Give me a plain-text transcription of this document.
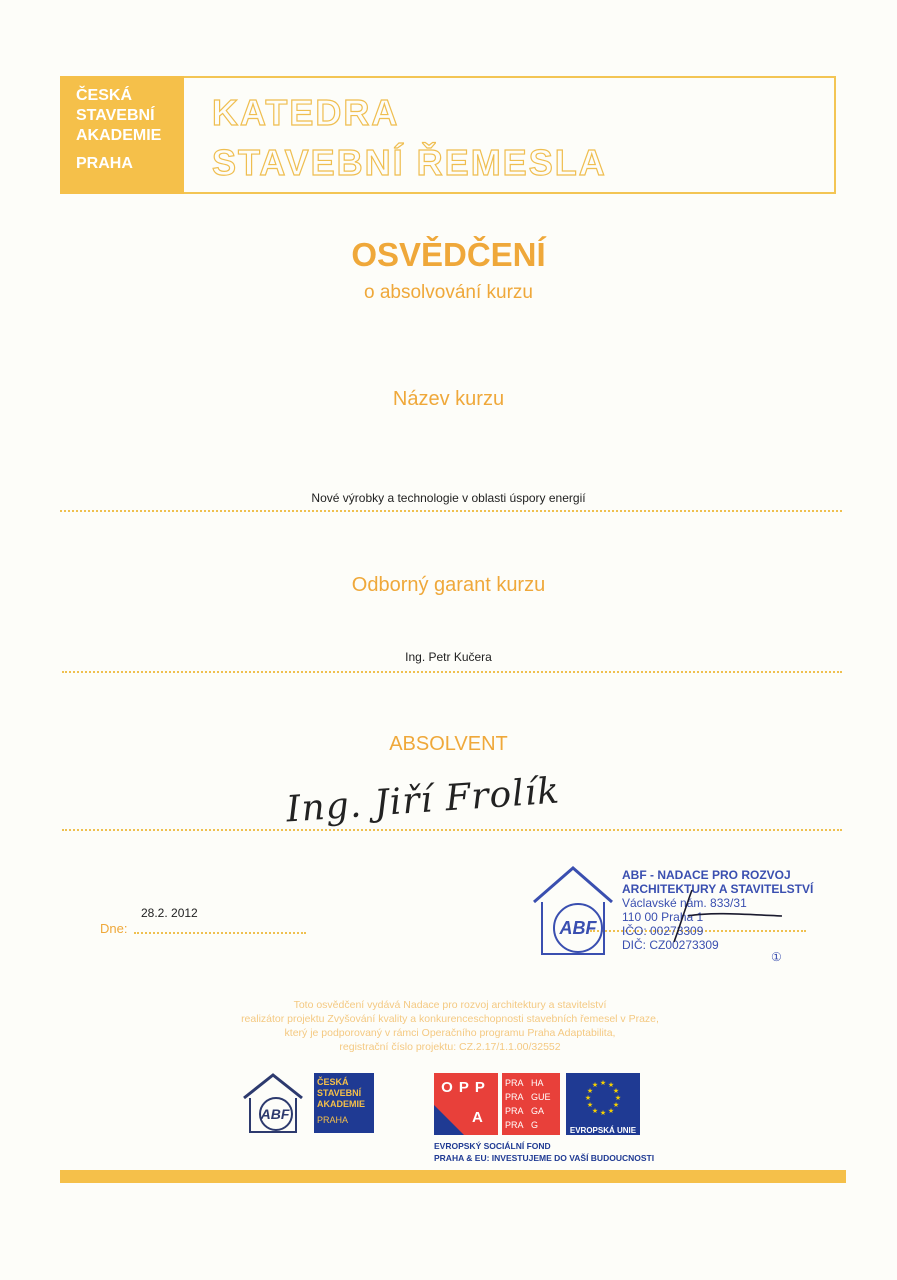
ČESKÁ
STAVEBNÍ
AKADEMIE
PRAHA
KATEDRA
STAVEBNÍ ŘEMESLA
OSVĚDČENÍ
o absolvování kurzu
Název kurzu
Nové výrobky a technologie v oblasti úspory energií
Odborný garant kurzu
Ing. Petr Kučera
ABSOLVENT
Ing. Jiří Frolík
28.2. 2012
Dne:	ABF
ABF - NADACE PRO ROZVOJ
ARCHITEKTURY A STAVITELSTVÍ
Václavské nám. 833/31
110 00 Praha 1
IČO: 00273309
DIČ: CZ00273309
①
Toto osvědčení vydává Nadace pro rozvoj architektury a stavitelství
realizátor projektu Zvyšování kvality a konkurenceschopnosti stavebních řemesel v Praze,
který je podporovaný v rámci Operačního programu Praha Adaptabilita,
registrační číslo projektu: CZ.2.17/1.1.00/32552
ABF
ČESKÁ
STAVEBNÍ
AKADEMIE
PRAHA
OPP
A
PRA HA
PRA GUE
PRA GA
PRA G
★ ★
★
★
★
★
★
★
★
★
★
★
EVROPSKÁ UNIE
EVROPSKÝ SOCIÁLNÍ FOND
PRAHA & EU: INVESTUJEME DO VAŠÍ BUDOUCNOSTI
